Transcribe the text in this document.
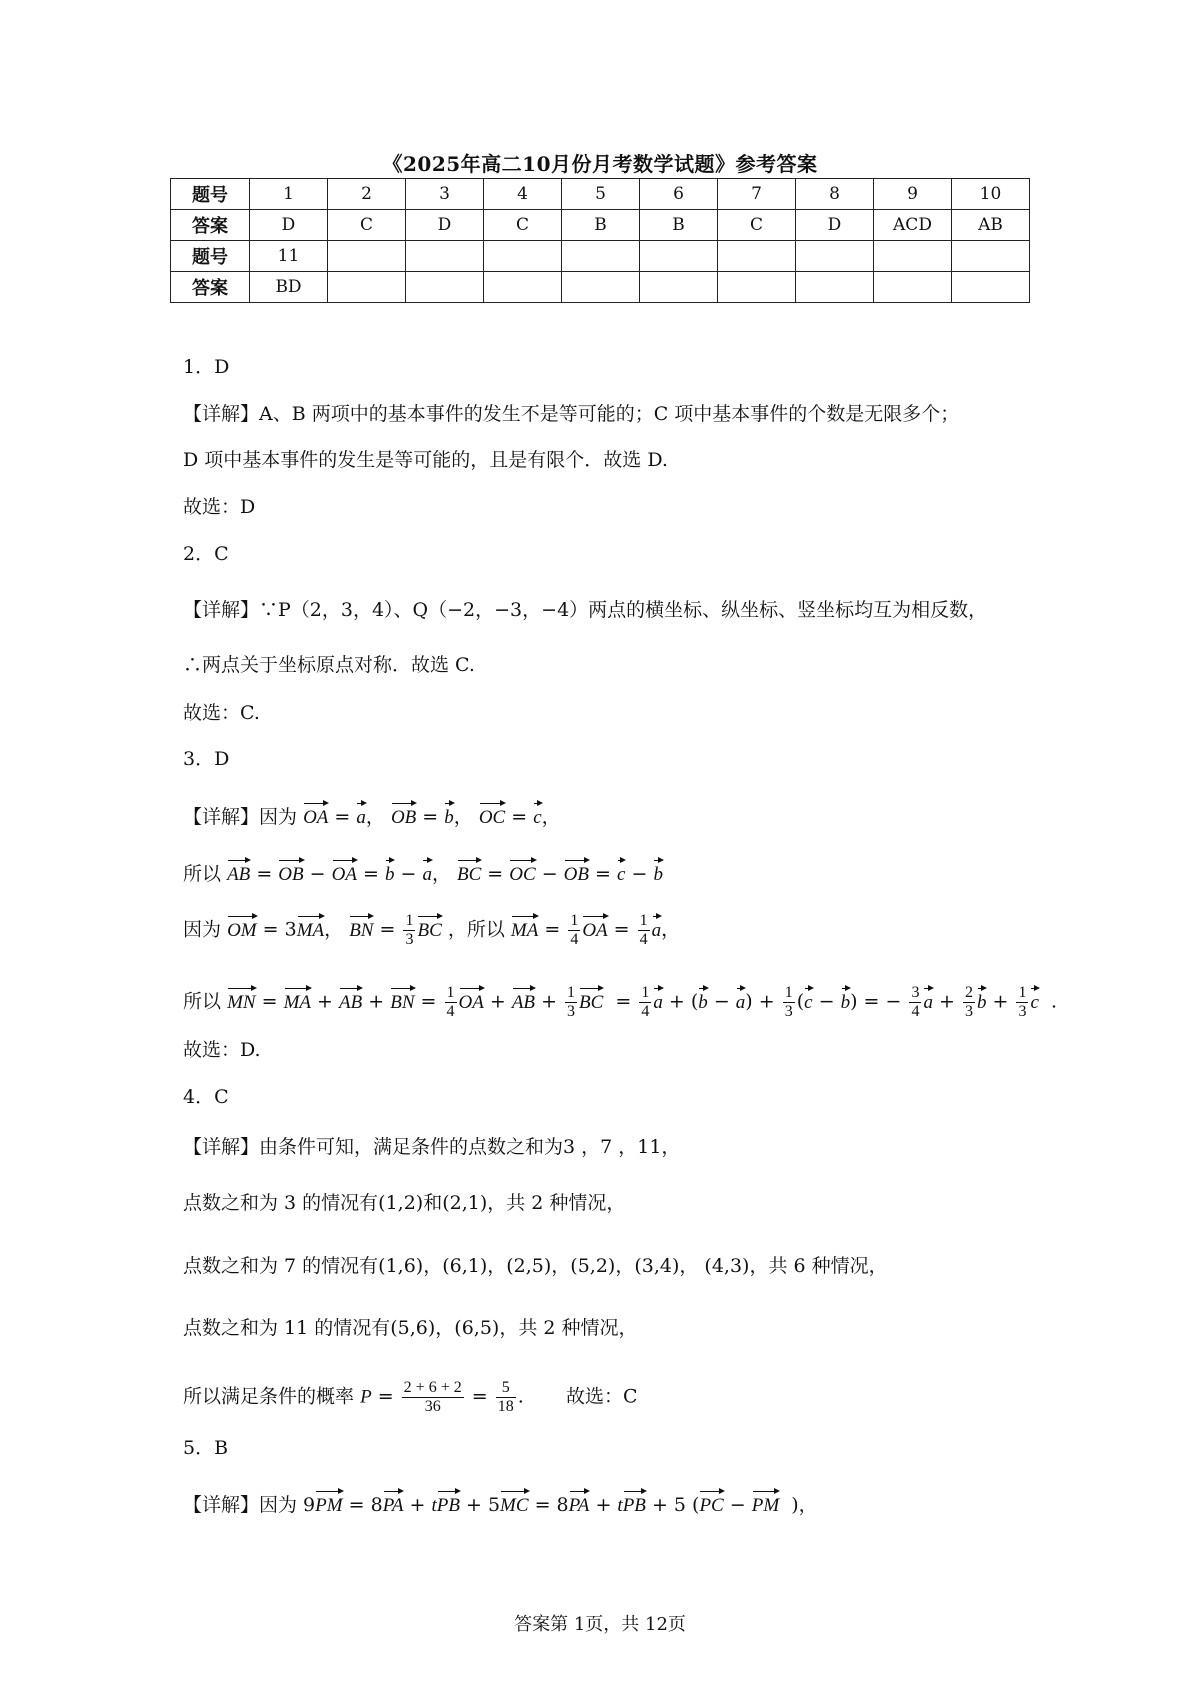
《2025年高二10月份月考数学试题》参考答案
题号	1	2	3	4	5	6	7	8	9	10
答案	D	C	D	C	B	B	C	D	ACD	AB
题号	11									
答案	BD									
1．D
【详解】A、B 两项中的基本事件的发生不是等可能的；C 项中基本事件的个数是无限多个；
D 项中基本事件的发生是等可能的，且是有限个．故选 D.
故选：D
2．C
【详解】∵P（2，3，4）、Q（−2，−3，−4）两点的横坐标、纵坐标、竖坐标均互为相反数，
∴两点关于坐标原点对称．故选 C.
故选：C.
3．D
【详解】因为 OA = a， OB = b， OC = c，
所以 AB = OB − OA = b − a， BC = OC − OB = c − b
因为 OM = 3MA， BN = $\frac{1}{3}$ BC ，所以 MA = $\frac{1}{4}$ OA = $\frac{1}{4}$ a，
所以 MN = MA + AB + BN = $\frac{1}{4}$ OA + AB + $\frac{1}{3}$ BC  = $\frac{1}{4}$ $a + (b - a) + \frac{1}{3} (c - b)$ = − $\frac{3}{4}$ $a + \frac{2}{3}$ $b + \frac{1}{3}$ c  .
故选：D.
4．C
【详解】由条件可知，满足条件的点数之和为3 ，7 ，11，
点数之和为 3 的情况有(1,2)和(2,1)，共 2 种情况，
点数之和为 7 的情况有(1,6)，(6,1)，(2,5)，(5,2)，(3,4)， (4,3)，共 6 种情况，
点数之和为 11 的情况有(5,6)，(6,5)，共 2 种情况，
所以满足条件的概率 $P = \frac{2 + 6 + 2}{36} = \frac{5}{18}$ .       故选：C
5．B
【详解】因为 9PM = 8PA + tPB + 5MC = 8PA + tPB + 5 (PC − PM  )，
答案第 1页，共 12页
